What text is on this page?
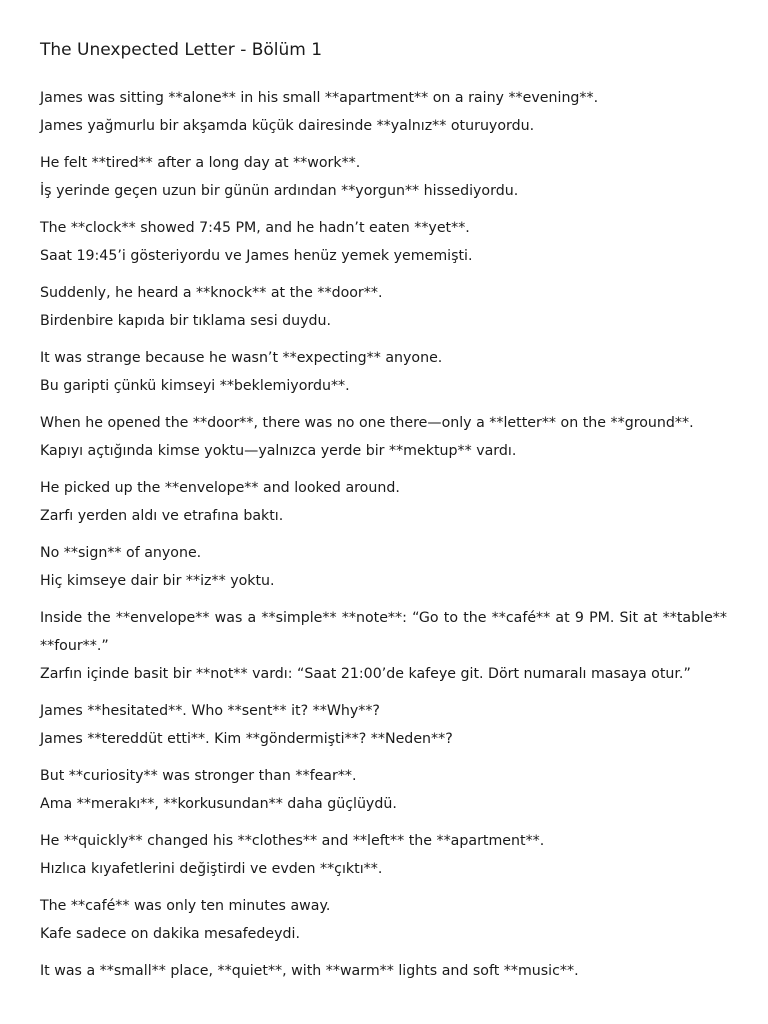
The Unexpected Letter - Bölüm 1

James was sitting **alone** in his small **apartment** on a rainy **evening**.

James yağmurlu bir akşamda küçük dairesinde **yalnız** oturuyordu.

He felt **tired** after a long day at **work**.

İş yerinde geçen uzun bir günün ardından **yorgun** hissediyordu.

The **clock** showed 7:45 PM, and he hadn’t eaten **yet**.

Saat 19:45’i gösteriyordu ve James henüz yemek yememişti.

Suddenly, he heard a **knock** at the **door**.

Birdenbire kapıda bir tıklama sesi duydu.

It was strange because he wasn’t **expecting** anyone.

Bu garipti çünkü kimseyi **beklemiyordu**.

When he opened the **door**, there was no one there—only a **letter** on the **ground**.

Kapıyı açtığında kimse yoktu—yalnızca yerde bir **mektup** vardı.

He picked up the **envelope** and looked around.

Zarfı yerden aldı ve etrafına baktı.

No **sign** of anyone.

Hiç kimseye dair bir **iz** yoktu.

Inside the **envelope** was a **simple** **note**: “Go to the **café** at 9 PM. Sit at **table** **four**.”

Zarfın içinde basit bir **not** vardı: “Saat 21:00’de kafeye git. Dört numaralı masaya otur.”

James **hesitated**. Who **sent** it? **Why**?

James **tereddüt etti**. Kim **göndermişti**? **Neden**?

But **curiosity** was stronger than **fear**.

Ama **merakı**, **korkusundan** daha güçlüydü.

He **quickly** changed his **clothes** and **left** the **apartment**.

Hızlıca kıyafetlerini değiştirdi ve evden **çıktı**.

The **café** was only ten minutes away.

Kafe sadece on dakika mesafedeydi.

It was a **small** place, **quiet**, with **warm** lights and soft **music**.
